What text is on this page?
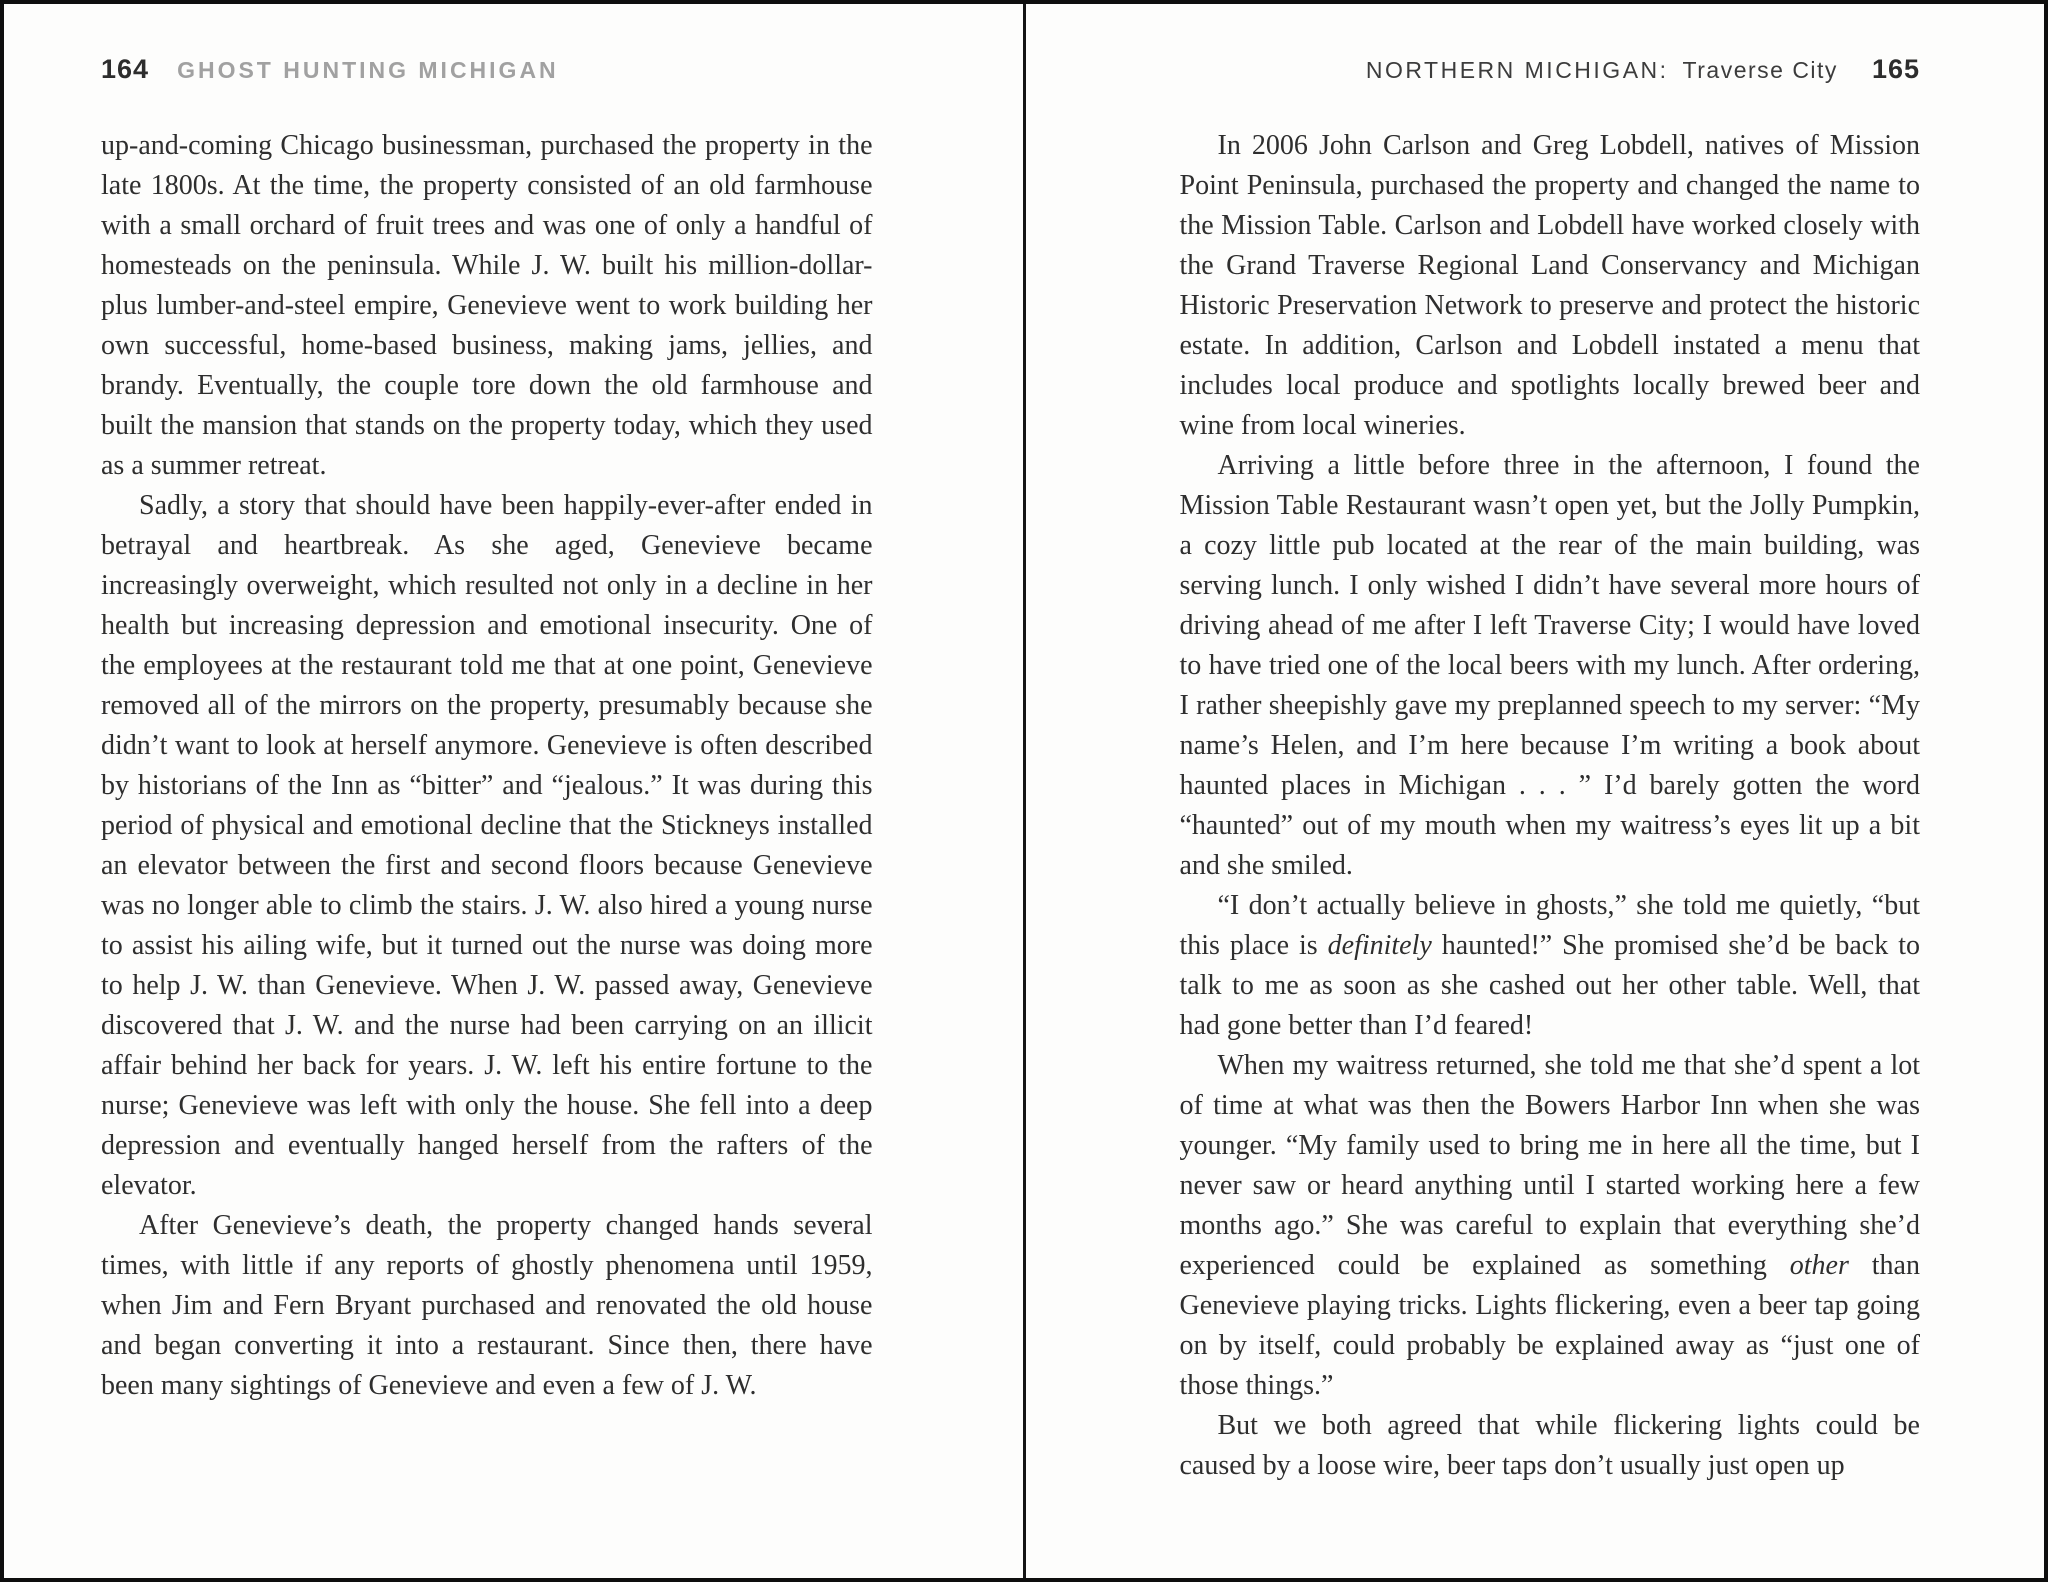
164 GHOST HUNTING MICHIGAN

up-and-coming Chicago businessman, purchased the property in the late 1800s. At the time, the property consisted of an old farmhouse with a small orchard of fruit trees and was one of only a handful of homesteads on the peninsula. While J. W. built his million-dollar-plus lumber-and-steel empire, Genevieve went to work building her own successful, home-based business, making jams, jellies, and brandy. Eventually, the couple tore down the old farmhouse and built the mansion that stands on the property today, which they used as a summer retreat.

Sadly, a story that should have been happily-ever-after ended in betrayal and heartbreak. As she aged, Genevieve became increasingly overweight, which resulted not only in a decline in her health but increasing depression and emotional insecurity. One of the employees at the restaurant told me that at one point, Genevieve removed all of the mirrors on the property, presumably because she didn’t want to look at herself anymore. Genevieve is often described by historians of the Inn as “bitter” and “jealous.” It was during this period of physical and emotional decline that the Stickneys installed an elevator between the first and second floors because Genevieve was no longer able to climb the stairs. J. W. also hired a young nurse to assist his ailing wife, but it turned out the nurse was doing more to help J. W. than Genevieve. When J. W. passed away, Genevieve discovered that J. W. and the nurse had been carrying on an illicit affair behind her back for years. J. W. left his entire fortune to the nurse; Genevieve was left with only the house. She fell into a deep depression and eventually hanged herself from the rafters of the elevator.

After Genevieve’s death, the property changed hands several times, with little if any reports of ghostly phenomena until 1959, when Jim and Fern Bryant purchased and renovated the old house and began converting it into a restaurant. Since then, there have been many sightings of Genevieve and even a few of J. W.

NORTHERN MICHIGAN: Traverse City 165

In 2006 John Carlson and Greg Lobdell, natives of Mission Point Peninsula, purchased the property and changed the name to the Mission Table. Carlson and Lobdell have worked closely with the Grand Traverse Regional Land Conservancy and Michigan Historic Preservation Network to preserve and protect the historic estate. In addition, Carlson and Lobdell instated a menu that includes local produce and spotlights locally brewed beer and wine from local wineries.

Arriving a little before three in the afternoon, I found the Mission Table Restaurant wasn’t open yet, but the Jolly Pumpkin, a cozy little pub located at the rear of the main building, was serving lunch. I only wished I didn’t have several more hours of driving ahead of me after I left Traverse City; I would have loved to have tried one of the local beers with my lunch. After ordering, I rather sheepishly gave my preplanned speech to my server: “My name’s Helen, and I’m here because I’m writing a book about haunted places in Michigan . . . ” I’d barely gotten the word “haunted” out of my mouth when my waitress’s eyes lit up a bit and she smiled.

“I don’t actually believe in ghosts,” she told me quietly, “but this place is definitely haunted!” She promised she’d be back to talk to me as soon as she cashed out her other table. Well, that had gone better than I’d feared!

When my waitress returned, she told me that she’d spent a lot of time at what was then the Bowers Harbor Inn when she was younger. “My family used to bring me in here all the time, but I never saw or heard anything until I started working here a few months ago.” She was careful to explain that everything she’d experienced could be explained as something other than Genevieve playing tricks. Lights flickering, even a beer tap going on by itself, could probably be explained away as “just one of those things.”

But we both agreed that while flickering lights could be caused by a loose wire, beer taps don’t usually just open up
